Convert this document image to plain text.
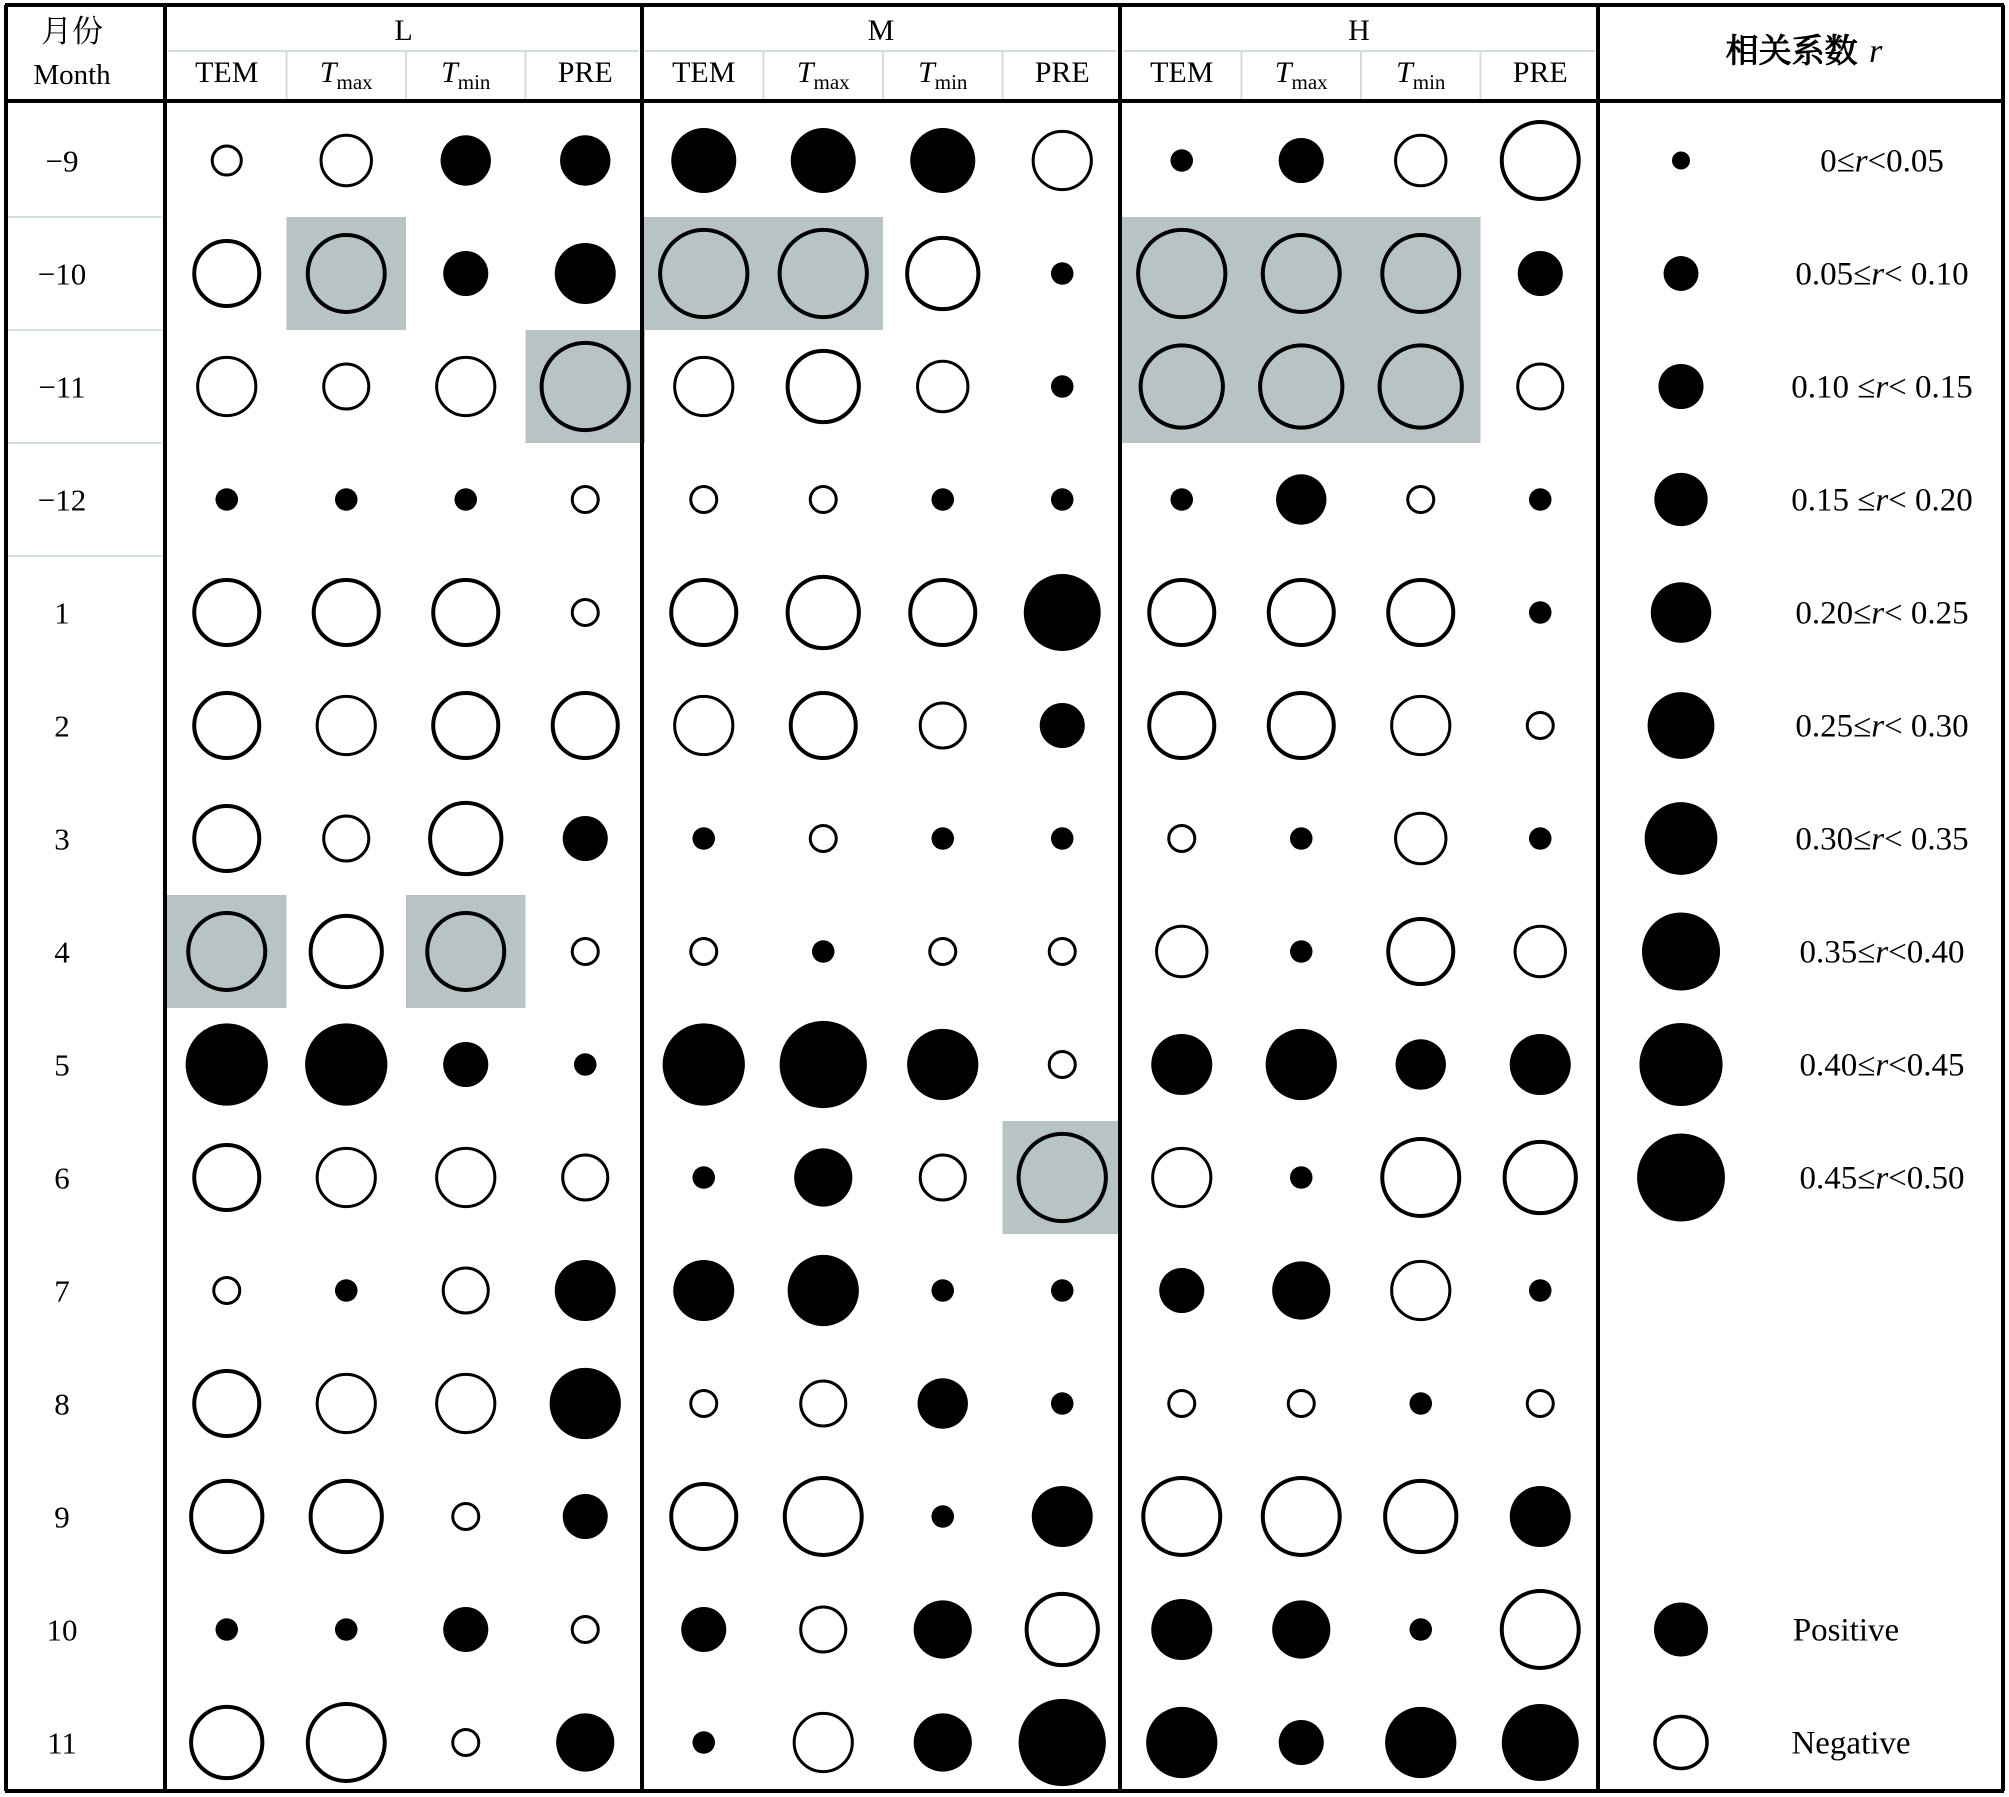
月份
Month
L
TEM $T_{max}$ $T_{min}$ PRE
M
TEM $T_{max}$ $T_{min}$ PRE
H
TEM $T_{max}$ $T_{min}$ PRE
−9
−10
−11
−12
1
2
3
4
5
6
7
8
9
10
11
相关系数 r
0≤r<0.05
0.05≤r< 0.10
0.10 ≤r< 0.15
0.15 ≤r< 0.20
0.20≤r< 0.25
0.25≤r< 0.30
0.30≤r< 0.35
0.35≤r<0.40
0.40≤r<0.45
0.45≤r<0.50
Positive
Negative
